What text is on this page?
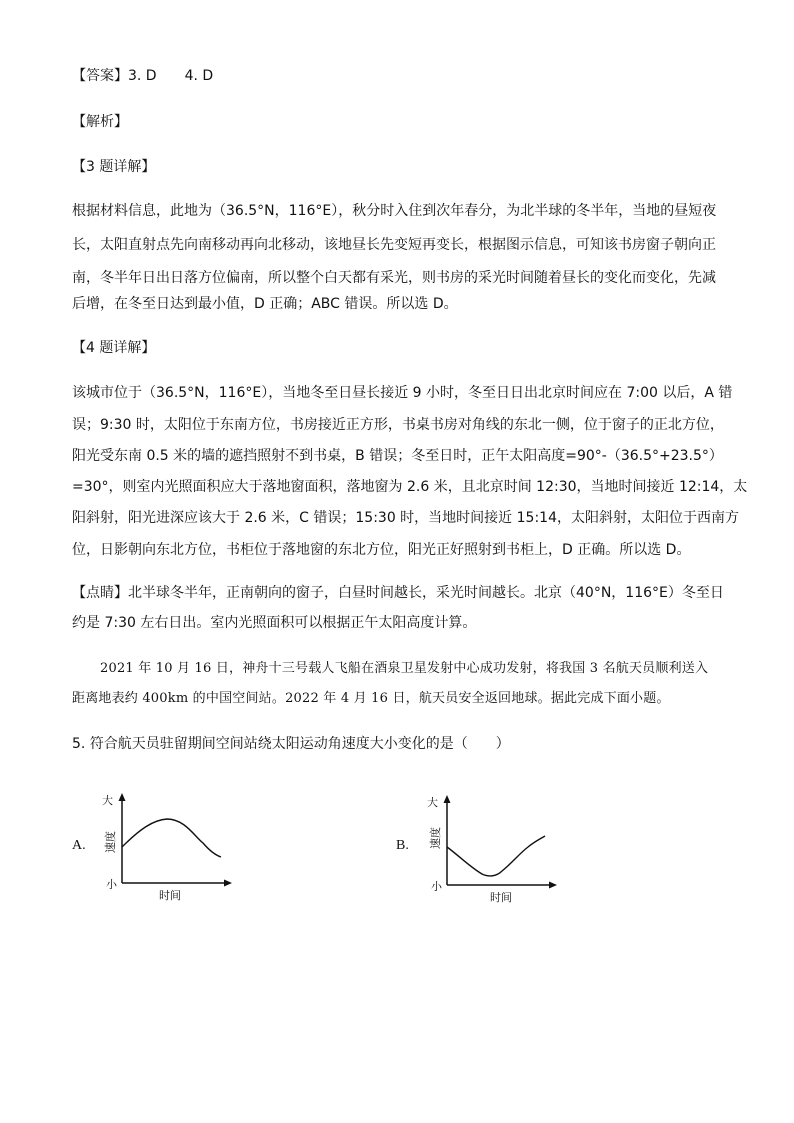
【答案】3. D　　4. D
【解析】
【3 题详解】
根据材料信息，此地为（36.5°N，116°E），秋分时入住到次年春分，为北半球的冬半年，当地的昼短夜
长，太阳直射点先向南移动再向北移动，该地昼长先变短再变长，根据图示信息，可知该书房窗子朝向正
南，冬半年日出日落方位偏南，所以整个白天都有采光，则书房的采光时间随着昼长的变化而变化，先减
后增，在冬至日达到最小值，D 正确；ABC 错误。所以选 D。
【4 题详解】
该城市位于（36.5°N，116°E），当地冬至日昼长接近 9 小时，冬至日日出北京时间应在 7:00 以后，A 错
误；9:30 时，太阳位于东南方位，书房接近正方形，书桌书房对角线的东北一侧，位于窗子的正北方位，
阳光受东南 0.5 米的墙的遮挡照射不到书桌，B 错误；冬至日时，正午太阳高度=90°-（36.5°+23.5°）
=30°，则室内光照面积应大于落地窗面积，落地窗为 2.6 米，且北京时间 12:30，当地时间接近 12:14，太
阳斜射，阳光进深应该大于 2.6 米，C 错误；15:30 时，当地时间接近 15:14，太阳斜射，太阳位于西南方
位，日影朝向东北方位，书柜位于落地窗的东北方位，阳光正好照射到书柜上，D 正确。所以选 D。
【点睛】北半球冬半年，正南朝向的窗子，白昼时间越长，采光时间越长。北京（40°N，116°E）冬至日
约是 7:30 左右日出。室内光照面积可以根据正午太阳高度计算。
2021 年 10 月 16 日，神舟十三号载人飞船在酒泉卫星发射中心成功发射，将我国 3 名航天员顺利送入
距离地表约 400km 的中国空间站。2022 年 4 月 16 日，航天员安全返回地球。据此完成下面小题。
5. 符合航天员驻留期间空间站绕太阳运动角速度大小变化的是（　　）
A.
大
小
时间
速度	B.
大
小
时间
速度
